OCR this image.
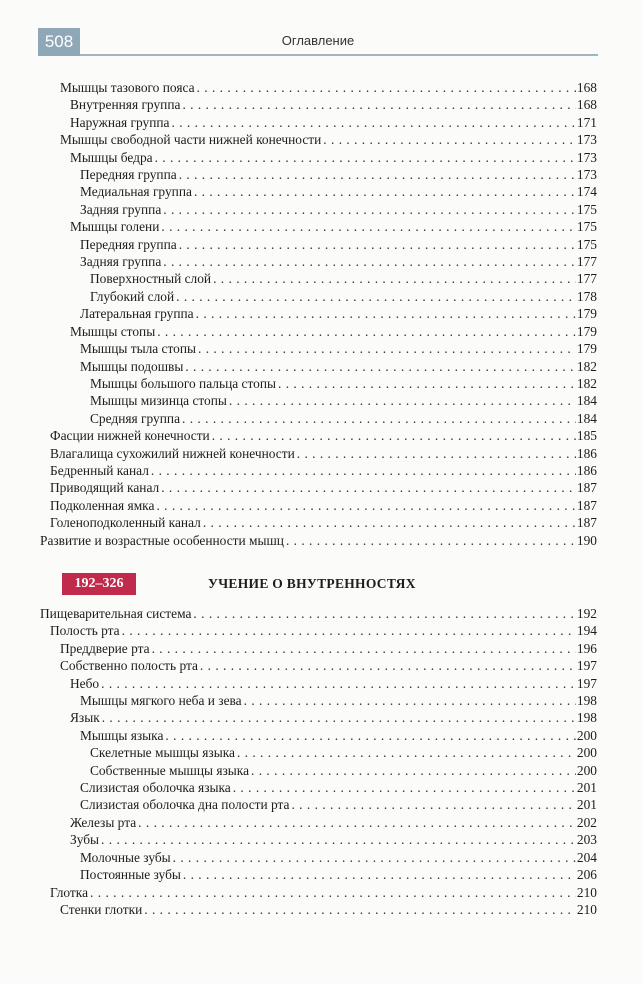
508	Оглавление
Мышцы тазового пояса . . .	168
Внутренняя группа . . .	168
Наружная группа . . .	171
Мышцы свободной части нижней конечности . . .	173
Мышцы бедра . . .	173
Передняя группа . . .	173
Медиальная группа . . .	174
Задняя группа . . .	175
Мышцы голени . . .	175
Передняя группа . . .	175
Задняя группа . . .	177
Поверхностный слой . . .	177
Глубокий слой . . .	178
Латеральная группа . . .	179
Мышцы стопы . . .	179
Мышцы тыла стопы . . .	179
Мышцы подошвы . . .	182
Мышцы большого пальца стопы . . .	182
Мышцы мизинца стопы . . .	184
Средняя группа . . .	184
Фасции нижней конечности . . .	185
Влагалища сухожилий нижней конечности . . .	186
Бедренный канал . . .	186
Приводящий канал . . .	187
Подколенная ямка . . .	187
Голеноподколенный канал . . .	187
Развитие и возрастные особенности мышц . . .	190
192–326	УЧЕНИЕ О ВНУТРЕННОСТЯХ
Пищеварительная система . . .	192
Полость рта . . .	194
Преддверие рта . . .	196
Собственно полость рта . . .	197
Небо . . .	197
Мышцы мягкого неба и зева . . .	198
Язык . . .	198
Мышцы языка . . .	200
Скелетные мышцы языка . . .	200
Собственные мышцы языка . . .	200
Слизистая оболочка языка . . .	201
Слизистая оболочка дна полости рта . . .	201
Железы рта . . .	202
Зубы . . .	203
Молочные зубы . . .	204
Постоянные зубы . . .	206
Глотка . . .	210
Стенки глотки . . .	210
